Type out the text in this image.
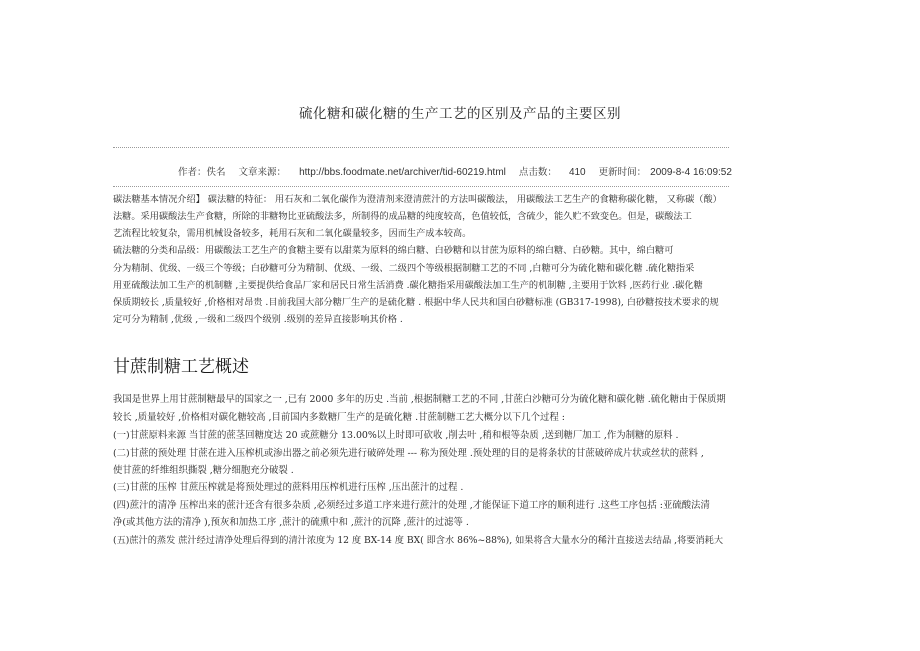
硫化糖和碳化糖的生产工艺的区别及产品的主要区别
作者：佚名 文章来源： http://bbs.foodmate.net/archiver/tid-60219.html 点击数： 410 更新时间： 2009-8-4 16:09:52
碳法糖基本情况介绍】 碳法糖的特征： 用石灰和二氧化碳作为澄清剂来澄清蔗汁的方法叫碳酸法， 用碳酸法工艺生产的食糖称碳化糖， 又称碳（酸）
法糖。采用碳酸法生产食糖，所除的非糖物比亚硫酸法多，所制得的成品糖的纯度较高，色值较低，含硫少，能久贮不致变色。但是，碳酸法工
艺流程比较复杂，需用机械设备较多，耗用石灰和二氧化碳量较多，因而生产成本较高。
硫法糖的分类和品级：用碳酸法工艺生产的食糖主要有以甜菜为原料的绵白糖、白砂糖和以甘蔗为原料的绵白糖、白砂糖。其中，绵白糖可
分为精制、优级、一级三个等级；白砂糖可分为精制、优级、一级、二级四个等级根据制糖工艺的不同 ,白糖可分为硫化糖和碳化糖 .硫化糖指采
用亚硫酸法加工生产的机制糖 ,主要提供给食品厂家和居民日常生活消费 .碳化糖指采用碳酸法加工生产的机制糖 ,主要用于饮料 ,医药行业 .碳化糖
保质期较长 ,质量较好 ,价格相对昂贵 .目前我国大部分糖厂生产的是硫化糖 . 根据中华人民共和国白砂糖标准 (GB317-1998), 白砂糖按技术要求的规
定可分为精制 ,优级 ,一级和二级四个级别 .级别的差异直接影响其价格 .
甘蔗制糖工艺概述
我国是世界上用甘蔗制糖最早的国家之一 ,已有 2000 多年的历史 .当前 ,根据制糖工艺的不同 ,甘蔗白沙糖可分为硫化糖和碳化糖 .硫化糖由于保质期
较长 ,质量较好 ,价格相对碳化糖较高 ,目前国内多数糖厂生产的是硫化糖 .甘蔗制糖工艺大概分以下几个过程 :
(一)甘蔗原料来源 当甘蔗的蔗茎回糖度达 20 或蔗糖分 13.00%以上时即可砍收 ,削去叶 ,稍和根等杂质 ,送到糖厂加工 ,作为制糖的原料 .
(二)甘蔗的预处理 甘蔗在进入压榨机或渗出器之前必须先进行破碎处理 --- 称为预处理 .预处理的目的是将条状的甘蔗破碎成片状或丝状的蔗料 ,
使甘蔗的纤维组织撕裂 ,糖分细胞充分破裂 .
(三)甘蔗的压榨 甘蔗压榨就是将预处理过的蔗料用压榨机进行压榨 ,压出蔗汁的过程 .
(四)蔗汁的清净 压榨出来的蔗汁还含有很多杂质 ,必须经过多道工序来进行蔗汁的处理 ,才能保证下道工序的顺利进行 .这些工序包括 :亚硫酸法清
净(或其他方法的清净 ),预灰和加热工序 ,蔗汁的硫熏中和 ,蔗汁的沉降 ,蔗汁的过滤等 .
(五)蔗汁的蒸发 蔗汁经过清净处理后得到的清汁浓度为 12 度 BX-14 度 BX( 即含水 86%~88%), 如果将含大量水分的稀汁直接送去结晶 ,将要消耗大
